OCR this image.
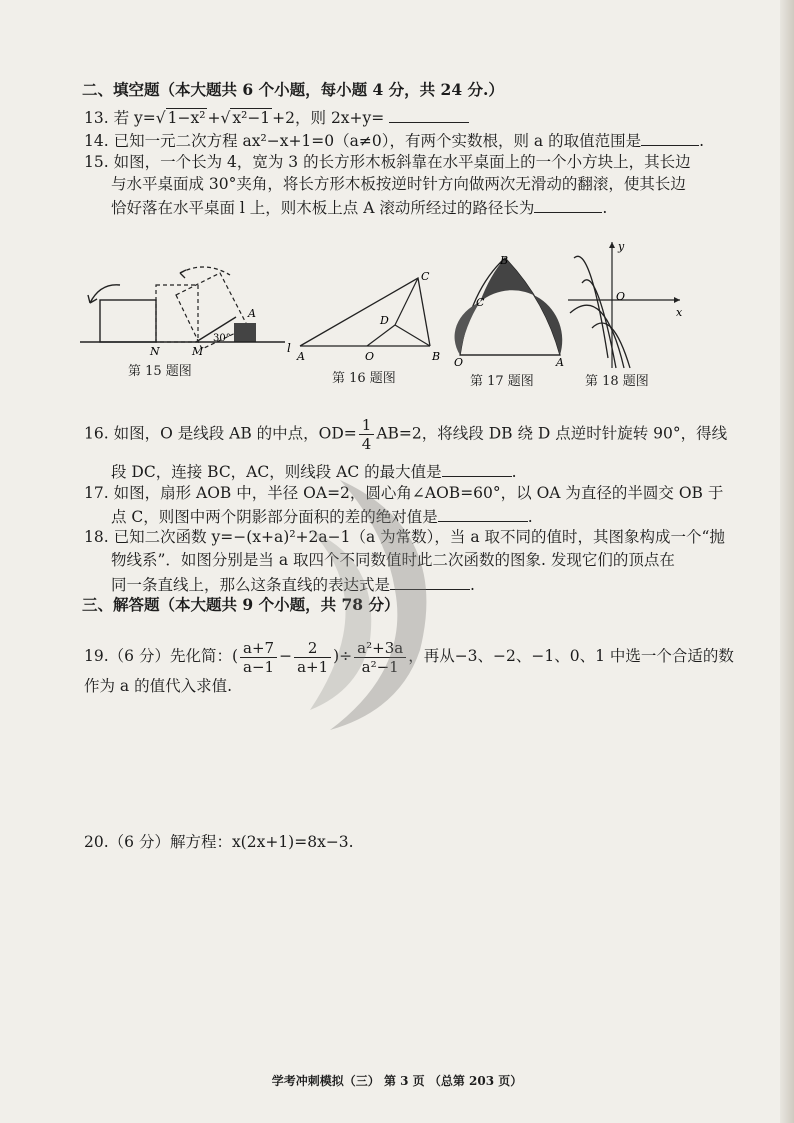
二、填空题（本大题共 6 个小题，每小题 4 分，共 24 分.）
13. 若 y=√ 1−x² +√ x²−1 +2，则 2x+y=
14. 已知一元二次方程 ax²−x+1=0（a≠0），有两个实数根，则 a 的取值范围是	.
15. 如图，一个长为 4，宽为 3 的长方形木板斜靠在水平桌面上的一个小方块上，其长边
与水平桌面成 30°夹角，将长方形木板按逆时针方向做两次无滑动的翻滚，使其长边
恰好落在水平桌面 l 上，则木板上点 A 滚动所经过的路径长为	.
N	M
A
30°
第 15 题图
l
A	O	B
C
D
第 16 题图
O	A
B
C
第 17 题图
y
x
O
第 18 题图
16. 如图，O 是线段 AB 的中点，$OD= \frac{1}{4} AB=2$，将线段 DB 绕 D 点逆时针旋转 90°，得线
段 DC，连接 BC，AC，则线段 AC 的最大值是	.
17. 如图，扇形 AOB 中，半径 OA=2，圆心角∠AOB=60°，以 OA 为直径的半圆交 OB 于
点 C，则图中两个阴影部分面积的差的绝对值是	.
18. 已知二次函数 y=−(x+a)²+2a−1（a 为常数），当 a 取不同的值时，其图象构成一个“抛
物线系”．如图分别是当 a 取四个不同数值时此二次函数的图象. 发现它们的顶点在
同一条直线上，那么这条直线的表达式是	.
三、解答题（本大题共 9 个小题，共 78 分）
19.（6 分）先化简：( $\frac{a+7}{a-1} - \frac{2}{a+1}$ )÷ $\frac{\text{a²+3a}}{\text{a²−1}}$ ，再从−3、−2、−1、0、1 中选一个合适的数
作为 a 的值代入求值.
20.（6 分）解方程：x(2x+1)=8x−3.
学考冲刺模拟（三） 第 3 页 （总第 203 页）
